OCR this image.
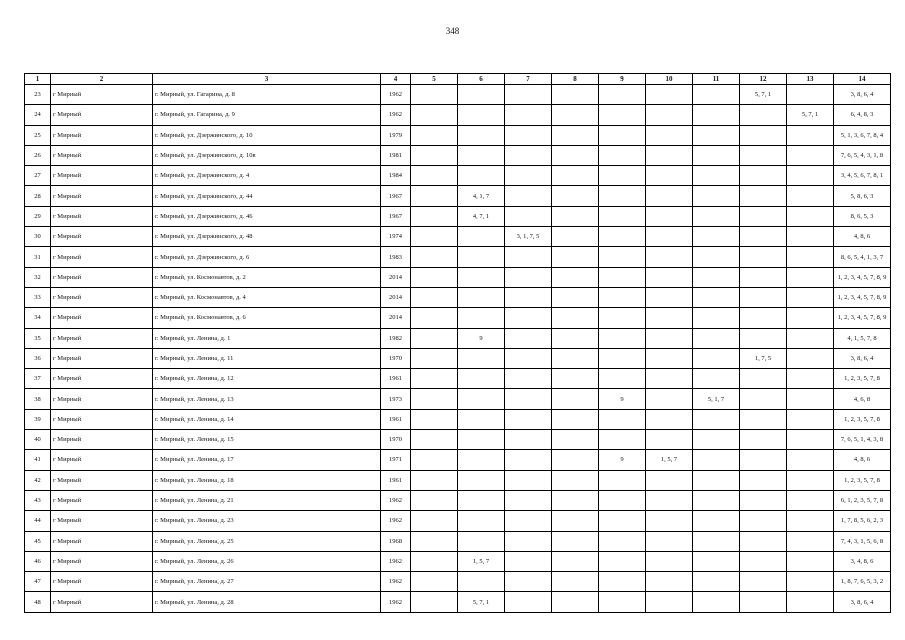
348
1	2	3	4	5	6	7	8	9	10	11	12	13	14
23	г Мирный	г. Мирный, ул. Гагарина, д. 8	1962								5, 7, 1		3, 8, 6, 4
24	г Мирный	г. Мирный, ул. Гагарина, д. 9	1962									5, 7, 1	6, 4, 8, 3
25	г Мирный	г. Мирный, ул. Дзержинского, д. 10	1979										5, 1, 3, 6, 7, 8, 4
26	г Мирный	г. Мирный, ул. Дзержинского, д. 10в	1981										7, 6, 5, 4, 3, 1, 8
27	г Мирный	г. Мирный, ул. Дзержинского, д. 4	1984										3, 4, 5, 6, 7, 8, 1
28	г Мирный	г. Мирный, ул. Дзержинского, д. 44	1967		4, 1, 7								5, 8, 6, 3
29	г Мирный	г. Мирный, ул. Дзержинского, д. 46	1967		4, 7, 1								8, 6, 5, 3
30	г Мирный	г. Мирный, ул. Дзержинского, д. 48	1974			3, 1, 7, 5							4, 8, 6
31	г Мирный	г. Мирный, ул. Дзержинского, д. 6	1983										8, 6, 5, 4, 1, 3, 7
32	г Мирный	г. Мирный, ул. Космонавтов, д. 2	2014										1, 2, 3, 4, 5, 7, 8, 9
33	г Мирный	г. Мирный, ул. Космонавтов, д. 4	2014										1, 2, 3, 4, 5, 7, 8, 9
34	г Мирный	г. Мирный, ул. Космонавтов, д. 6	2014										1, 2, 3, 4, 5, 7, 8, 9
35	г Мирный	г. Мирный, ул. Ленина, д. 1	1982		9								4, 1, 5, 7, 8
36	г Мирный	г. Мирный, ул. Ленина, д. 11	1970								1, 7, 5		3, 8, 6, 4
37	г Мирный	г. Мирный, ул. Ленина, д. 12	1961										1, 2, 3, 5, 7, 8
38	г Мирный	г. Мирный, ул. Ленина, д. 13	1973					9		5, 1, 7			4, 6, 8
39	г Мирный	г. Мирный, ул. Ленина, д. 14	1961										1, 2, 3, 5, 7, 8
40	г Мирный	г. Мирный, ул. Ленина, д. 15	1970										7, 6, 5, 1, 4, 3, 8
41	г Мирный	г. Мирный, ул. Ленина, д. 17	1971					9	1, 5, 7				4, 8, 6
42	г Мирный	г. Мирный, ул. Ленина, д. 18	1961										1, 2, 3, 5, 7, 8
43	г Мирный	г. Мирный, ул. Ленина, д. 21	1962										6, 1, 2, 3, 5, 7, 8
44	г Мирный	г. Мирный, ул. Ленина, д. 23	1962										1, 7, 8, 5, 6, 2, 3
45	г Мирный	г. Мирный, ул. Ленина, д. 25	1968										7, 4, 3, 1, 5, 6, 8
46	г Мирный	г. Мирный, ул. Ленина, д. 26	1962		1, 5, 7								3, 4, 8, 6
47	г Мирный	г. Мирный, ул. Ленина, д. 27	1962										1, 8, 7, 6, 5, 3, 2
48	г Мирный	г. Мирный, ул. Ленина, д. 28	1962		5, 7, 1								3, 8, 6, 4
